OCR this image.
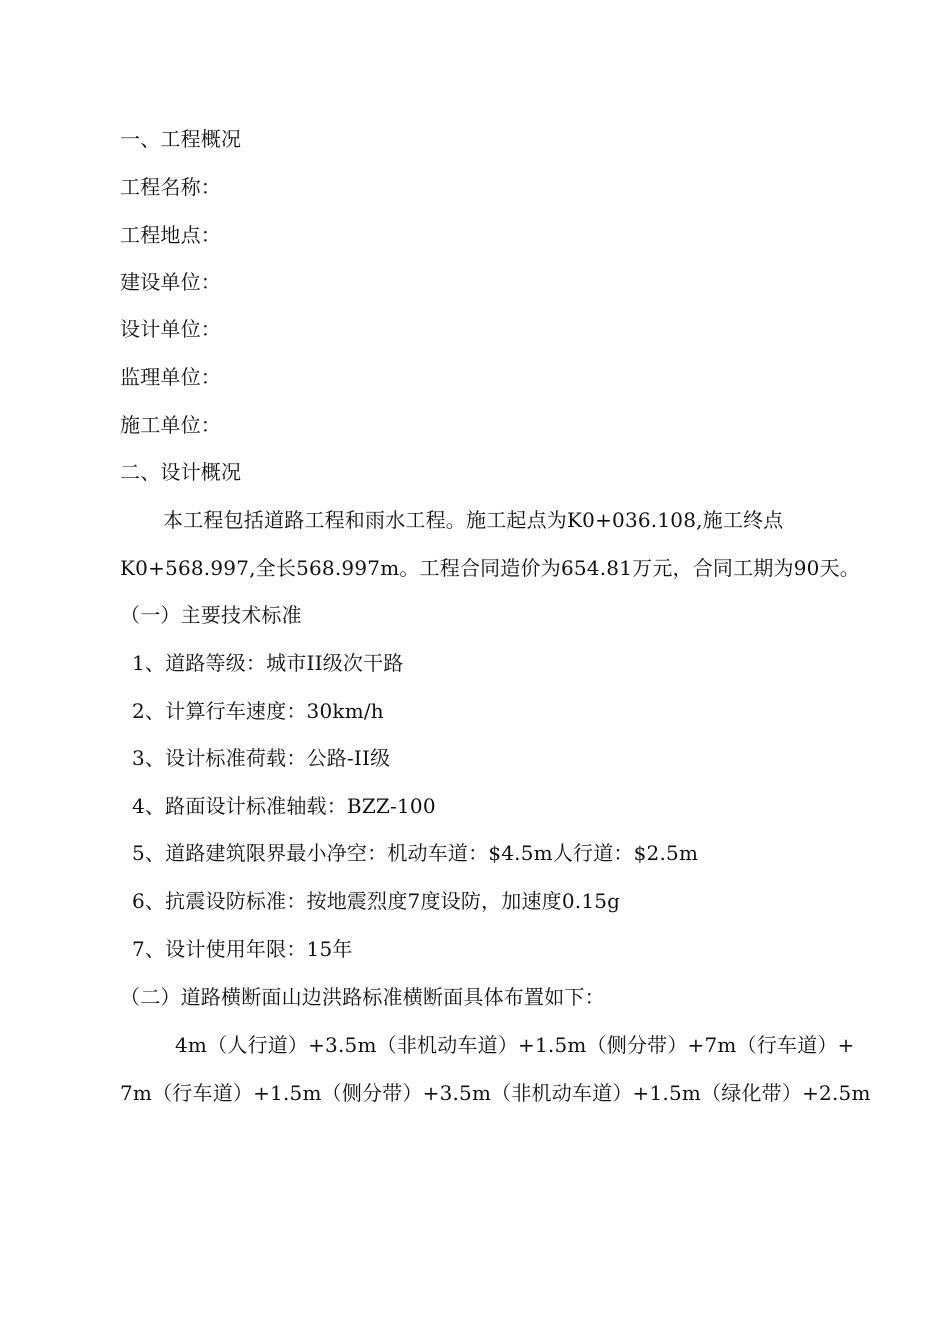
一、工程概况
工程名称：
工程地点：
建设单位：
设计单位：
监理单位：
施工单位：
二、设计概况
本工程包括道路工程和雨水工程。施工起点为K0+036.108,施工终点
K0+568.997,全长568.997m。工程合同造价为654.81万元，合同工期为90天。
（一）主要技术标准
1、道路等级：城市II级次干路
2、计算行车速度：30km/h
3、设计标准荷载：公路-II级
4、路面设计标准轴载：BZZ-100
5、道路建筑限界最小净空：机动车道：$4.5m人行道：$2.5m
6、抗震设防标准：按地震烈度7度设防，加速度0.15g
7、设计使用年限：15年
（二）道路横断面山边洪路标准横断面具体布置如下：
4m（人行道）+3.5m（非机动车道）+1.5m（侧分带）+7m（行车道）+
7m（行车道）+1.5m（侧分带）+3.5m（非机动车道）+1.5m（绿化带）+2.5m
